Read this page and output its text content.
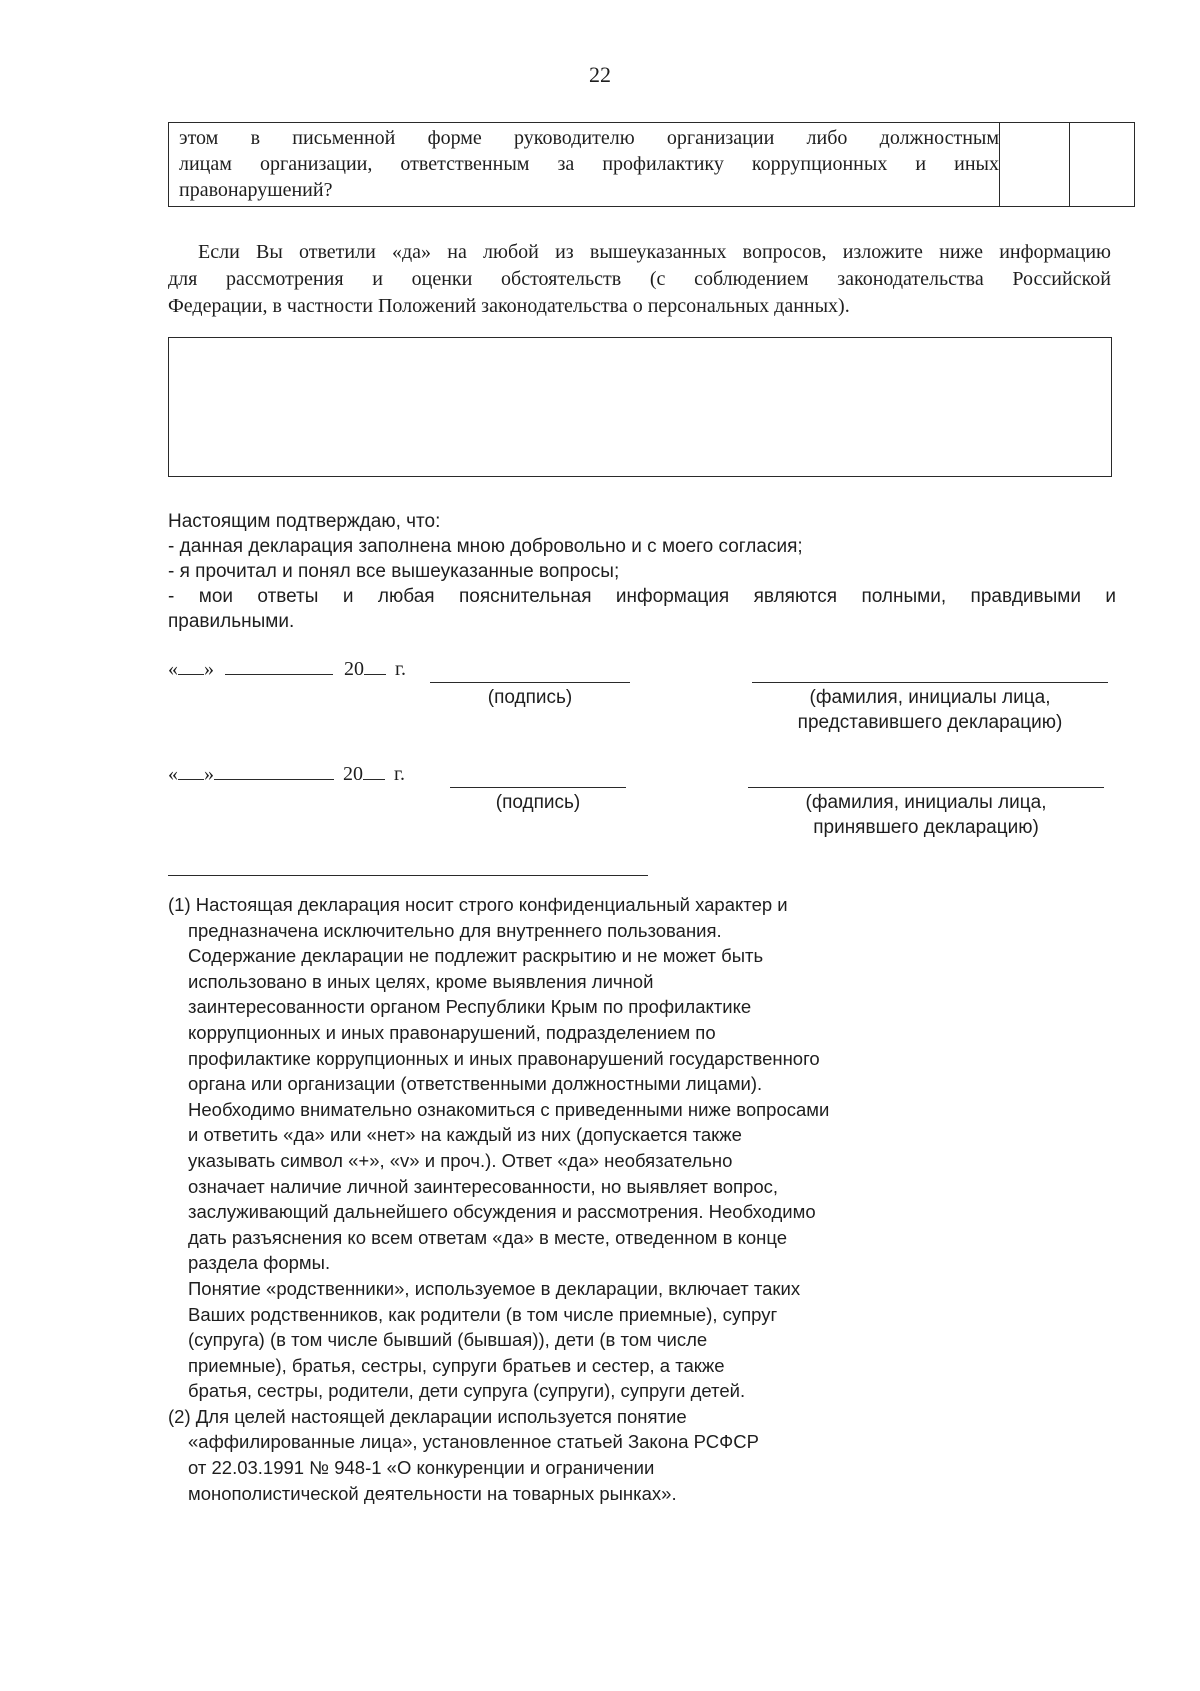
22
этом в письменной форме руководителю организации либо должностным
лицам организации, ответственным за профилактику коррупционных и иных
правонарушений?
Если Вы ответили «да» на любой из вышеуказанных вопросов, изложите ниже информацию
для рассмотрения и оценки обстоятельств (с соблюдением законодательства Российской
Федерации, в частности Положений законодательства о персональных данных).
Настоящим подтверждаю, что:
- данная декларация заполнена мною добровольно и с моего согласия;
- я прочитал и понял все вышеуказанные вопросы;
- мои ответы и любая пояснительная информация являются полными, правдивыми и
правильными.
« »	20 г.
(подпись)	(фамилия, инициалы лица,
представившего декларацию)
« »	20 г.
(подпись)	(фамилия, инициалы лица,
принявшего декларацию)
(1) Настоящая декларация носит строго конфиденциальный характер и
предназначена исключительно для внутреннего пользования.
Содержание декларации не подлежит раскрытию и не может быть
использовано в иных целях, кроме выявления личной
заинтересованности органом Республики Крым по профилактике
коррупционных и иных правонарушений, подразделением по
профилактике коррупционных и иных правонарушений государственного
органа или организации (ответственными должностными лицами).
Необходимо внимательно ознакомиться с приведенными ниже вопросами
и ответить «да» или «нет» на каждый из них (допускается также
указывать символ «+», «v» и проч.). Ответ «да» необязательно
означает наличие личной заинтересованности, но выявляет вопрос,
заслуживающий дальнейшего обсуждения и рассмотрения. Необходимо
дать разъяснения ко всем ответам «да» в месте, отведенном в конце
раздела формы.
Понятие «родственники», используемое в декларации, включает таких
Ваших родственников, как родители (в том числе приемные), супруг
(супруга) (в том числе бывший (бывшая)), дети (в том числе
приемные), братья, сестры, супруги братьев и сестер, а также
братья, сестры, родители, дети супруга (супруги), супруги детей.
(2) Для целей настоящей декларации используется понятие
«аффилированные лица», установленное статьей Закона РСФСР
от 22.03.1991 № 948-1 «О конкуренции и ограничении
монополистической деятельности на товарных рынках».
